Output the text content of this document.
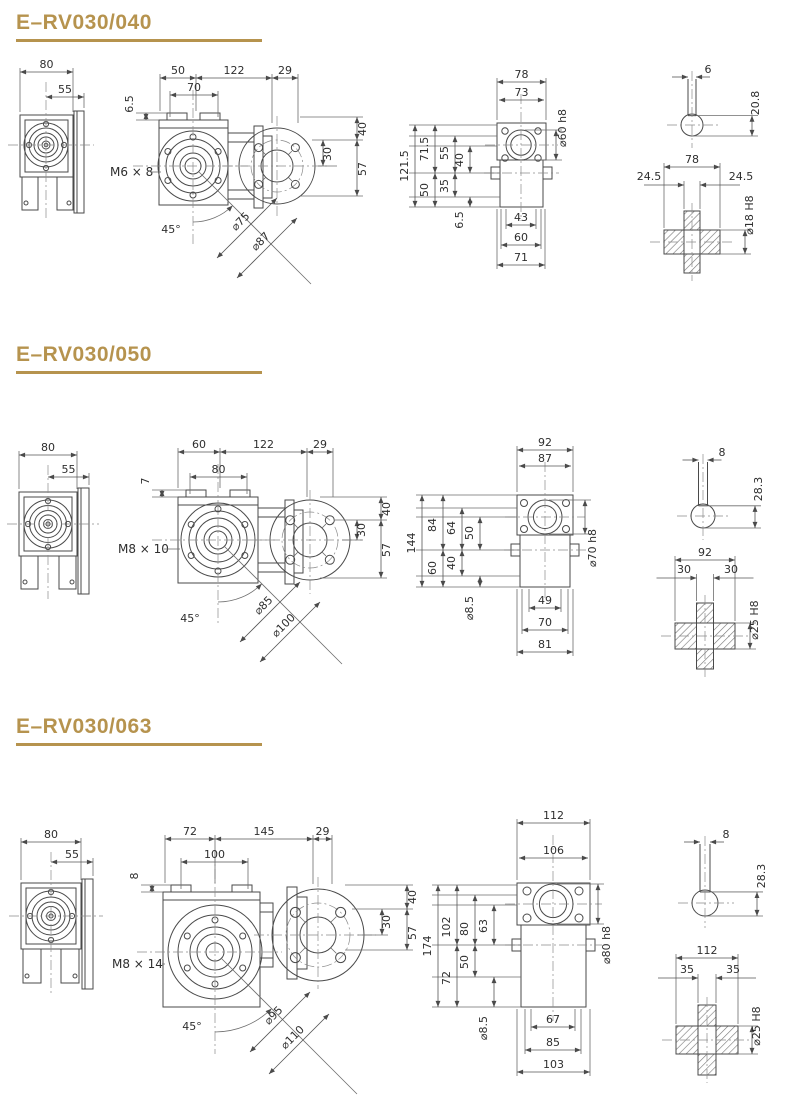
80
55
50	122	29
70
6.5
M6 × 8
45°	⌀75
⌀87
40
30
57
78
73
⌀60 h8
121.5
71.5 55 40
50 35
6.5	43
60
71
6
20.8
78
24.5	24.5
⌀18 H8
80
55
60	122	29
80
7
M8 × 10
45°
⌀85
⌀100
40
30
57
92
87
⌀70 h8
144
84 64 50
60 40
⌀8.5	49
70
81
8
28.3
92
30	30
⌀25 H8
80
55
72	145	29
100
8
M8 × 14
45°	⌀95
⌀110
40
30
57
112
106
⌀80 h8
174
102 80 63
72
50
⌀8.5	67
85
103
8
28.3
112
35	35
⌀25 H8
E–RV030/040
E–RV030/050
E–RV030/063
